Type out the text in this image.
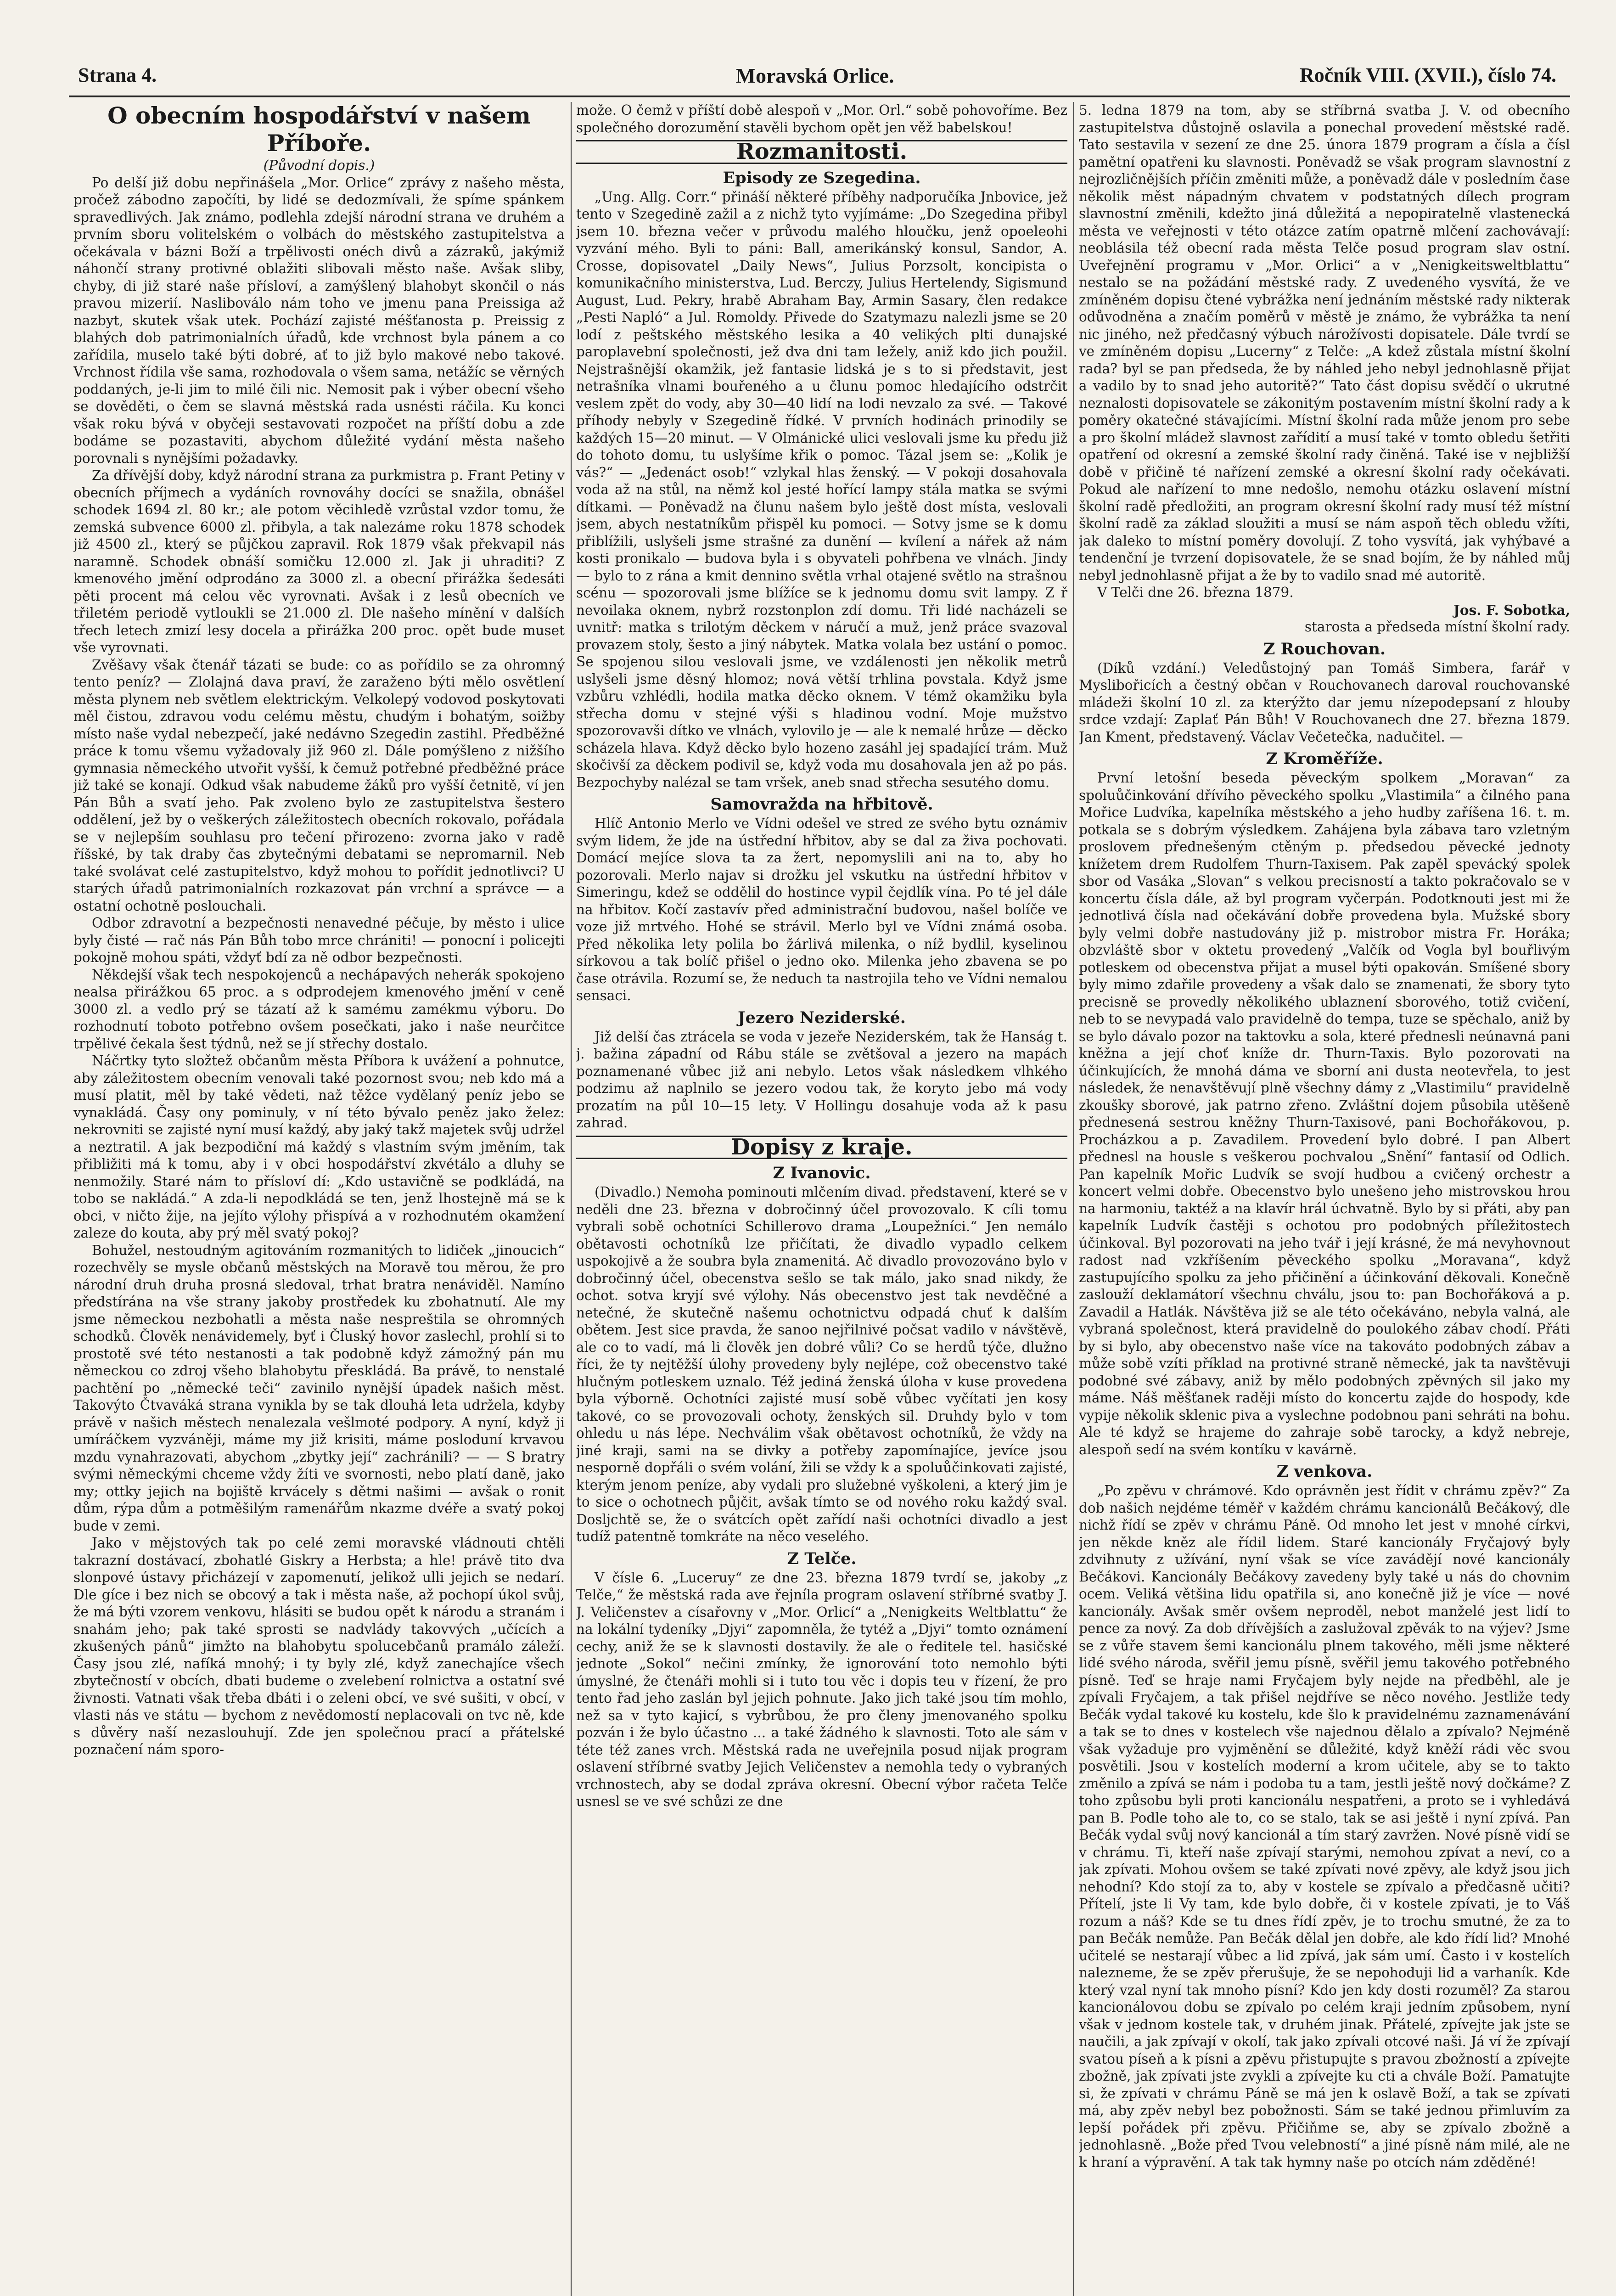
Strana 4.	Moravská Orlice.	Ročník VIII. (XVII.), číslo 74.
O obecním hospodářství v našem Příboře.
(Původní dopis.)

Po delší již dobu nepřinášela „Mor. Orlice“ zprávy z našeho města, pročež zábodno započíti, by lidé se dedozmívali, že spíme spánkem spravedlivých. Jak známo, podlehla zdejší národní strana ve druhém a prvním sboru volitelském o volbách do městského zastupitelstva a očekávala v bázni Boží a trpělivosti onéch divů a zázraků, jakýmiž náhončí strany protivné oblažiti slibovali město naše. Avšak sliby, chyby, di již staré naše přísloví, a zamýšlený blahobyt skončil o nás pravou mizerií. Nasliboválo nám toho ve jmenu pana Preissiga až nazbyt, skutek však utek. Pochází zajisté méšťanosta p. Preissig z blahých dob patrimonialních úřadů, kde vrchnost byla pánem a co zařídila, muselo také býti dobré, ať to již bylo makové nebo takové. Vrchnost řídila vše sama, rozhodovala o všem sama, netážíc se věrných poddaných, je-li jim to milé čili nic. Nemosit pak i výber obecní všeho se dověděti, o čem se slavná městská rada usnésti ráčila. Ku konci však roku bývá v obyčeji sestavovati rozpočet na příští dobu a zde bodáme se pozastaviti, abychom důležité vydání města našeho porovnali s nynějšími požadavky.

Za dřívější doby, když národní strana za purkmistra p. Frant Petiny v obecních příjmech a vydáních rovnováhy docíci se snažila, obnášel schodek 1694 zl. 80 kr.; ale potom věcihledě vzrůstal vzdor tomu, že zemská subvence 6000 zl. přibyla, a tak nalezáme roku 1878 schodek již 4500 zl., který se půjčkou zapravil. Rok 1879 však překvapil nás naramně. Schodek obnáší somičku 12.000 zl. Jak ji uhraditi? Z kmenového jmění odprodáno za 3000 zl. a obecní přirážka šedesáti pěti procent má celou věc vyrovnati. Avšak i z lesů obecních ve třiletém periodě vytloukli se 21.000 zl. Dle našeho mínění v dalších třech letech zmizí lesy docela a přirážka 200 proc. opět bude muset vše vyrovnati.

Zvěšavy však čtenář tázati se bude: co as pořídilo se za ohromný tento peníz? — Zlolajná dava praví, že zaraženo býti mělo osvětlení města plynem neb světlem elektrickým. Velkolepý vodovod poskytovati měl čistou, zdravou vodu celému městu, chudým i bohatým, soižby místo naše vydal nebezpečí, jaké nedávno Szegedin zastihl. Předběžné práce k tomu všemu vyžadovaly již 960 zl. Dále pomýšleno z nižšího gymnasia německého utvořit vyšší, k čemuž potřebné předběžné práce již také se konají. Odkud však nabudeme žáků pro vyšší četnitě, ví jen Pán Bůh a svatí jeho. Pak zvoleno bylo ze zastupitelstva šestero oddělení, jež by o veškerých záležitostech obecních rokovalo, pořádala se v nejlepším souhlasu pro tečení přirozeno: zvorna jako v radě říšské, by tak draby čas zbytečnými debatami se nepromarnil. Neb také svolávat celé zastupitelstvo, když mohou to pořídit jednotlivci? U starých úřadů patrimonialních rozkazovat pán vrchní a správce — a ostatní ochotně poslouchali.

Odbor zdravotní a bezpečnosti nenavedné péčuje, by město i ulice byly čisté — rač nás Pán Bůh tobo mrce chrániti! — ponocní i policejti pokojně mohou spáti, vždyť bdí za ně odbor bezpečnosti.

Někdejší však tech nespokojenců a nechápavých neherák spokojeno nealsa přirážkou 65 proc. a s odprodejem kmenového jmění v ceně 3000 zl. a vedlo prý se tázatí až k samému zamékmu výboru. Do rozhodnutí toboto potřebno ovšem posečkati, jako i naše neurčitce trpělivé čekala šest týdnů, než se jí střechy dostalo.

Náčrtky tyto složtež občanům města Příbora k uvážení a pohnutce, aby záležitostem obecním venovali také pozornost svou; neb kdo má a musí platit, měl by také vědeti, naž těžce vydělaný peníz jebo se vynakládá. Časy ony pominuly, v ní této bývalo peněz jako želez: nekrovniti se zajisté nyní musí každý, aby jaký takž majetek svůj udržel a neztratil. A jak bezpodiční má každý s vlastním svým jměním, tak přibližiti má k tomu, aby i v obci hospodářství zkvétálo a dluhy se nenmožily. Staré nám to přísloví dí: „Kdo ustavičně se podkládá, na tobo se nakládá.“ A zda-li nepodkládá se ten, jenž lhostejně má se k obci, v ničto žije, na jejíto výlohy přispívá a v rozhodnutém okamžení zaleze do kouta, aby prý měl svatý pokoj?

Bohužel, nestoudným agitováním rozmanitých to lidiček „jinoucich“ rozechvěly se mysle občanů městských na Moravě tou měrou, že pro národní druh druha prosná sledoval, trhat bratra nenáviděl. Namíno předstírána na vše strany jakoby prostředek ku zbohatnutí. Ale my jsme německou nezbohatli a města naše nespreštila se ohromných schodků. Člověk nenávidemely, byť i Čluský hovor zaslechl, prohlí si to prostotě své této nestanosti a tak podobně když zámožný pán mu německou co zdroj všeho blahobytu přeskládá. Ba právě, to nenstalé pachtění po „německé teči“ zavinilo nynější úpadek našich měst. Takovýto Čtvaváká strana vynikla by se tak dlouhá leta udržela, kdyby právě v našich městech nenalezala vešlmoté podpory. A nyní, když ji umíráčkem vyzváněji, máme my již krisiti, máme posloduní krvavou mzdu vynahrazovati, abychom „zbytky její“ zachránili? — — S bratry svými německými chceme vždy žíti ve svornosti, nebo platí daně, jako my; ottky jejich na bojiště krvácely s dětmi našimi — avšak o ronit dům, rýpa dům a potměšilým ramenářům nkazme dvéře a svatý pokoj bude v zemi.

Jako v mějstových tak po celé zemi moravské vládnouti chtěli takrazní dostávací, zbohatlé Giskry a Herbsta; a hle! právě tito dva slonpové ústavy přicházejí v zapomenutí, jelikož ulli jejich se nedarí. Dle gíce i bez nich se obcový a tak i města naše, až pochopí úkol svůj, že má býti vzorem venkovu, hlásiti se budou opět k národu a stranám i snahám jeho; pak také sprosti se nadvlády takovvých „učících a zkušených pánů“ jimžto na blahobytu spolucebčanů pramálo záleží. Časy jsou zlé, nafíká mnohý; i ty byly zlé, když zanechajíce všech zbytečností v obcích, dbati budeme o zvelebení rolnictva a ostatní své živnosti. Vatnati však třeba dbáti i o zeleni obcí, ve své sušiti, v obcí, v vlasti nás ve státu — bychom z nevědomostí neplacovali on tvc ně, kde s důvěry naší nezaslouhují. Zde jen společnou prací a přátelské poznačení nám sporo-

može. O čemž v příští době alespoň v „Mor. Orl.“ sobě pohovoříme. Bez společného dorozumění stavěli bychom opět jen věž babelskou!

Rozmanitosti.
Episody ze Szegedina.

„Ung. Allg. Corr.“ přináší některé příběhy nadporučíka Jnbovice, jež tento v Szegedině zažil a z nichž tyto vyjímáme: „Do Szegedina přibyl jsem 10. března večer v průvodu malého hloučku, jenž opoeleohi vyzvání mého. Byli to páni: Ball, amerikánský konsul, Sandor, A. Crosse, dopisovatel „Daily News“, Julius Porzsolt, koncipista o komunikačního ministerstva, Lud. Berczy, Julius Hertelendy, Sigismund August, Lud. Pekry, hrabě Abraham Bay, Armin Sasary, člen redakce „Pesti Napló“ a Jul. Romoldy. Přivede do Szatymazu nalezli jsme se 20 lodí z peštského městského lesika a 40 velikých plti dunajské paroplavební společnosti, jež dva dni tam ležely, aniž kdo jich použil. Nejstrašnější okamžik, jež fantasie lidská je s to si představit, jest netrašníka vlnami bouřeného a u člunu pomoc hledajícího odstrčit veslem zpět do vody, aby 30—40 lidí na lodi nevzalo za své. — Takové příhody nebyly v Szegedině řídké. V prvních hodinách prinodily se každých 15—20 minut. — V Olmánické ulici veslovali jsme ku předu již do tohoto domu, tu uslyšíme křik o pomoc. Tázal jsem se: „Kolik je vás?“ — „Jedenáct osob!“ vzlykal hlas ženský. — V pokoji dosahovala voda až na stůl, na němž kol jesté hořící lampy stála matka se svými dítkami. — Poněvadž na člunu našem bylo ještě dost místa, veslovali jsem, abych nestatníkům přispěl ku pomoci. — Sotvy jsme se k domu přiblížili, uslyšeli jsme strašné za dunění — kvílení a nářek až nám kosti pronikalo — budova byla i s obyvateli pohřbena ve vlnách. Jindy — bylo to z rána a kmit dennino světla vrhal otajené světlo na strašnou scénu — spozorovali jsme blížíce se k jednomu domu svit lampy. Z ř nevoilaka oknem, nybrž rozstonplon zdí domu. Tři lidé nacházeli se uvnitř: matka s trilotým děckem v náručí a muž, jenž práce svazoval provazem stoly, šesto a jiný nábytek. Matka volala bez ustání o pomoc. Se spojenou silou veslovali jsme, ve vzdálenosti jen několik metrů uslyšeli jsme děsný hlomoz; nová větší trhlina povstala. Když jsme vzbůru vzhlédli, hodila matka děcko oknem. V témž okamžiku byla střecha domu v stejné výši s hladinou vodní. Moje mužstvo spozorovavši dítko ve vlnách, vylovilo je — ale k nemalé hrůze — děcko scházela hlava. Když děcko bylo hozeno zasáhl jej spadající trám. Muž skočivší za děckem podivil se, když voda mu dosahovala jen až po pás. Bezpochyby nalézal se tam vršek, aneb snad střecha sesutého domu.

Samovražda na hřbitově.

Hlíč Antonio Merlo ve Vídni odešel ve stred ze svého bytu oznámiv svým lidem, že jde na ústřední hřbitov, aby se dal za živa pochovati. Domácí mejíce slova ta za žert, nepomyslili ani na to, aby ho pozorovali. Merlo najav si drožku jel vskutku na ústřední hřbitov v Simeringu, kdež se oddělil do hostince vypil čejdlík vína. Po té jel dále na hřbitov. Kočí zastavív před administrační budovou, našel bolíče ve voze již mrtvého. Hohé se strávil. Merlo byl ve Vídni známá osoba. Před několika lety polila bo žárlivá milenka, o níž bydlil, kyselinou sírkovou a tak bolíč přišel o jedno oko. Milenka jeho zbavena se po čase otrávila. Rozumí se, že neduch ta nastrojila teho ve Vídni nemalou sensaci.

Jezero Neziderské.

Již delší čas ztrácela se voda v jezeře Neziderském, tak že Hanság t. j. bažina západní od Rábu stále se zvětšoval a jezero na mapách poznamenané vůbec již ani nebylo. Letos však následkem vlhkého podzimu až naplnilo se jezero vodou tak, že koryto jebo má vody prozatím na půl 10—15 lety. V Hollingu dosahuje voda až k pasu zahrad.

Dopisy z kraje.
Z Ivanovic.

(Divadlo.) Nemoha pominouti mlčením divad. představení, které se v neděli dne 23. března v dobročinný účel provozovalo. K cíli tomu vybrali sobě ochotníci Schillerovo drama „Loupežníci.“ Jen nemálo obětavosti ochotníků lze přičítati, že divadlo vypadlo celkem uspokojivě a že soubra byla znamenitá. Ač divadlo provozováno bylo v dobročinný účel, obecenstva sešlo se tak málo, jako snad nikdy, že ochot. sotva kryjí své výlohy. Nás obecenstvo jest tak nevděčné a netečné, že skutečně našemu ochotnictvu odpadá chuť k dalším obětem. Jest sice pravda, že sanoo nejřilnivé počsat vadilo v návštěvě, ale co to vadí, má li člověk jen dobré vůli? Co se herdů týče, dlužno říci, že ty nejtěžší úlohy provedeny byly nejlépe, což obecenstvo také hlučným potleskem uznalo. Též jediná ženská úloha v kuse provedena byla výborně. Ochotníci zajisté musí sobě vůbec vyčítati jen kosy takové, co se provozovali ochoty, ženských sil. Druhdy bylo v tom ohledu u nás lépe. Nechválim však obětavost ochotníků, že vždy na jiné kraji, sami na se divky a potřeby zapomínajíce, jevíce jsou nesporně dopřáli o svém volání, žili se vždy k a spoluůčinkovati zajisté, kterým jenom peníze, aby vydali pro služebné vyškoleni, a který jim je to sice o ochotnech půjčit, avšak tímto se od nového roku každý sval. Dosljchtě se, že o svátcích opět zařídí naši ochotníci divadlo a jest tudíž patentně tomkráte na něco veselého.

Z Telče.

V čísle 6. „Luceruy“ ze dne 23. března 1879 tvrdí se, jakoby „z Telče,“ že městská rada ave řejníla program oslavení stříbrné svatby J. J. Veličenstev a císařovny v „Mor. Orlicí“ a „Nenigkeits Weltblattu“ že na lokální tydeníky „Djyi“ zapomněla, že tytéž a „Djyi“ tomto oznámení cechy, aniž že se k slavnosti dostavily. že ale o ředitele tel. hasičské jednote „Sokol“ nečini zmínky, že ignorování toto nemohlo býti úmyslné, že čtenáři mohli si i tuto tou věc i dopis teu v řízení, že pro tento řad jeho zaslán byl jejich pohnute. Jako jich také jsou tím mohlo, než sa v tyto kajicí, s vybrůbou, že pro členy jmenovaného spolku pozván i že bylo účastno ... a také žádného k slavnosti. Toto ale sám v téte též zanes vrch. Městská rada ne uveřejnila posud nijak program oslavení stříbrné svatby Jejich Veličenstev a nemohla tedy o vybraných vrchnostech, aby se dodal zpráva okresní. Obecní výbor račeta Telče usnesl se ve své schůzi ze dne

5. ledna 1879 na tom, aby se stříbrná svatba J. V. od obecního zastupitelstva důstojně oslavila a ponechal provedení městské radě. Tato sestavila v sezení ze dne 25. února 1879 program a čísla a čísl pamětní opatřeni ku slavnosti. Poněvadž se však program slavnostní z nejrozličnějších příčin změniti může, a poněvadž dále v posledním čase několik měst nápadným chvatem v podstatných dílech program slavnostní změnili, kdežto jiná důležitá a nepopiratelně vlastenecká města ve veřejnosti v této otázce zatím opatrně mlčení zachovávají: neoblásila též obecní rada města Telče posud program slav ostní. Uveřejnění programu v „Mor. Orlici“ a v „Nenigkeitsweltblattu“ nestalo se na požádání městské rady. Z uvedeného vysvítá, že ve zmíněném dopisu čtené vybrážka není jednáním městské rady nikterak odůvodněna a značím poměrů v městě je známo, že vybrážka ta není nic jiného, než předčasný výbuch nárožívosti dopisatele. Dále tvrdí se ve zmíněném dopisu „Lucerny“ z Telče: „A kdež zůstala místní školní rada? byl se pan předseda, že by náhled jeho nebyl jednohlasně přijat a vadilo by to snad jeho autoritě?“ Tato část dopisu svědčí o ukrutné neznalosti dopisovatele se zákonitým postavením místní školní rady a k poměry okatečné stávajícími. Místní školní rada může jenom pro sebe a pro školní mládež slavnost zařídití a musí také v tomto obledu šetřiti opatření od okresní a zemské školní rady činěná. Také ise v nejbližší době v přičině té nařízení zemské a okresní školní rady očekávati. Pokud ale nařízení to mne nedošlo, nemohu otázku oslavení místní školní radě předložiti, an program okresní školní rady musí též místní školní radě za základ sloužiti a musí se nám aspoň těch obledu vžíti, jak daleko to místní poměry dovolují. Z toho vysvítá, jak vyhýbavé a tendenční je tvrzení dopisovatele, že se snad bojím, že by náhled můj nebyl jednohlasně přijat a že by to vadilo snad mé autoritě.

V Telči dne 26. března 1879.

Jos. F. Sobotka,

starosta a předseda místní školní rady.

Z Rouchovan.

(Díků vzdání.) Veledůstojný pan Tomáš Simbera, farář v Myslibořicích a čestný občan v Rouchovanech daroval rouchovanské mládeži školní 10 zl. za kterýžto dar jemu nízepodepsaní z hlouby srdce vzdají: Zaplať Pán Bůh! V Rouchovanech dne 27. března 1879. Jan Kment, představený. Václav Večetečka, nadučitel. —

Z Kroměříže.

První letošní beseda pěveckým spolkem „Moravan“ za spoluůčinkování dřívího pěveckého spolku „Vlastimila“ a čilného pana Mořice Ludvíka, kapelníka městského a jeho hudby zaříšena 16. t. m. potkala se s dobrým výsledkem. Zahájena byla zábava taro vzletným proslovem přednešeným ctěným p. předsedou pěvecké jednoty knížetem drem Rudolfem Thurn-Taxisem. Pak zapěl spevácký spolek sbor od Vasáka „Slovan“ s velkou precisností a takto pokračovalo se v koncertu čísla dále, až byl program vyčerpán. Podotknouti jest mi že jednotlivá čísla nad očekávání dobře provedena byla. Mužské sbory byly velmi dobře nastudovány již p. mistrobor mistra Fr. Horáka; obzvláště sbor v oktetu provedený „Valčík od Vogla byl bouřlivým potleskem od obecenstva přijat a musel býti opakován. Smíšené sbory byly mimo zdařile provedeny a však dalo se znamenati, že sbory tyto precisně se provedly několikého ublaznení sborového, totiž cvičení, neb to se nevypadá valo pravidelně do tempa, tuze se spěchalo, aniž by se bylo dávalo pozor na taktovku a sola, které přednesli neúnavná pani kněžna a její choť kníže dr. Thurn-Taxis. Bylo pozorovati na účinkujících, že mnohá dáma ve sborní ani dusta neotevřela, to jest následek, že nenavštěvují plně všechny dámy z „Vlastimilu“ pravidelně zkoušky sborové, jak patrno zřeno. Zvláštní dojem působila utěšeně přednesená sestrou kněžny Thurn-Taxisové, pani Bochořákovou, p. Procházkou a p. Zavadilem. Provedení bylo dobré. I pan Albert přednesl na housle s veškerou pochvalou „Snění“ fantasií od Odlich. Pan kapelník Mořic Ludvík se svojí hudbou a cvičený orchestr a koncert velmi dobře. Obecenstvo bylo unešeno jeho mistrovskou hrou na harmoniu, taktéž a na klavír hrál úchvatně. Bylo by si přáti, aby pan kapelník Ludvík častěji s ochotou pro podobných příležitostech účinkoval. Byl pozorovati na jeho tvář i její krásné, že má nevyhovnout radost nad vzkříšením pěveckého spolku „Moravana“, když zastupujícího spolku za jeho přičinění a účinkování děkovali. Konečně zaslouží deklamátorí všechnu chválu, jsou to: pan Bochořáková a p. Zavadil a Hatlák. Návštěva již se ale této očekáváno, nebyla valná, ale vybraná společnost, která pravidelně do poulokého zábav chodí. Přáti by si bylo, aby obecenstvo naše více na takováto podobných zábav a může sobě vzíti příklad na protivné straně německé, jak ta navštěvuji podobné své zábavy, aniž by mělo podobných zpěvných sil jako my máme. Náš měšťanek raději místo do koncertu zajde do hospody, kde vypije několik sklenic piva a vyslechne podobnou pani sehráti na bohu. Ale té když se hrajeme do zahraje sobě tarocky, a když nebreje, alespoň sedí na svém kontíku v kavárně.

Z venkova.

„Po zpěvu v chrámové. Kdo oprávněn jest řídit v chrámu zpěv?“ Za dob našich nejdéme téměř v každém chrámu kancionálů Bečákový, dle nichž řídí se zpěv v chrámu Páně. Od mnoho let jest v mnohé církvi, jen někde kněz ale řídil lidem. Staré kancionály Fryčajový byly zdvihnuty z užívání, nyní však se více zavádějí nové kancionály Bečákovi. Kancionály Bečákovy zavedeny byly také u nás do chovnim ocem. Veliká většina lidu opatřila si, ano konečně již je více — nové kancionály. Avšak směr ovšem neproděl, nebot manželé jest lidí to pence za nový. Za dob dřívějších a zaslužoval zpěvák to na výjev? Jsme se z vůře stavem šemi kancionálu plnem takového, měli jsme některé lidé svého národa, svěřil jemu písně, svěřil jemu takového potřebného písně. Teď se hraje nami Fryčajem byly nejde na předběhl, ale je zpívali Fryčajem, a tak přišel nejdříve se něco nového. Jestliže tedy Bečák vydal takové ku kostelu, kde šlo k pravidelnému zaznamenávání a tak se to dnes v kostelech vše najednou dělalo a zpívalo? Nejméně však vyžaduje pro vyjměnění se důležité, když kněží rádi věc svou posvětili. Jsou v kostelích moderní a krom učitele, aby se to takto změnilo a zpívá se nám i podoba tu a tam, jestli ještě nový dočkáme? Z toho způsobu byli proti kancionálu nespatřeni, a proto se i vyhledává pan B. Podle toho ale to, co se stalo, tak se asi ještě i nyní zpívá. Pan Bečák vydal svůj nový kancionál a tím starý zavržen. Nové písně vidí se v chrámu. Ti, kteří naše zpívají starými, nemohou zpívat a neví, co a jak zpívati. Mohou ovšem se také zpívati nové zpěvy, ale když jsou jich nehodní? Kdo stojí za to, aby v kostele se zpívalo a předčasně učiti? Přítelí, jste li Vy tam, kde bylo dobře, či v kostele zpívati, je to Váš rozum a náš? Kde se tu dnes řídí zpěv, je to trochu smutné, že za to pan Bečák nemůže. Pan Bečák dělal jen dobře, ale kdo řídí lid? Mnohé učitelé se nestarají vůbec a lid zpívá, jak sám umí. Často i v kostelích nalezneme, že se zpěv přerušuje, že se nepohoduji lid a varhaník. Kde který vzal nyní tak mnoho písní? Kdo jen kdy dosti rozuměl? Za starou kancionálovou dobu se zpívalo po celém kraji jedním způsobem, nyní však v jednom kostele tak, v druhém jinak. Přátelé, zpívejte jak jste se naučili, a jak zpívají v okolí, tak jako zpívali otcové naši. Já ví že zpívají svatou píseň a k písni a zpěvu přistupujte s pravou zbožností a zpívejte zbožně, jak zpívati jste zvykli a zpívejte ku cti a chvále Boží. Pamatujte si, že zpívati v chrámu Páně se má jen k oslavě Boží, a tak se zpívati má, aby zpěv nebyl bez pobožnosti. Sám se také jednou přimluvím za lepší pořádek při zpěvu. Přičiňme se, aby se zpívalo zbožně a jednohlasně. „Bože před Tvou velebností“ a jiné písně nám milé, ale ne k hraní a výpravění. A tak tak hymny naše po otcích nám zděděné!
